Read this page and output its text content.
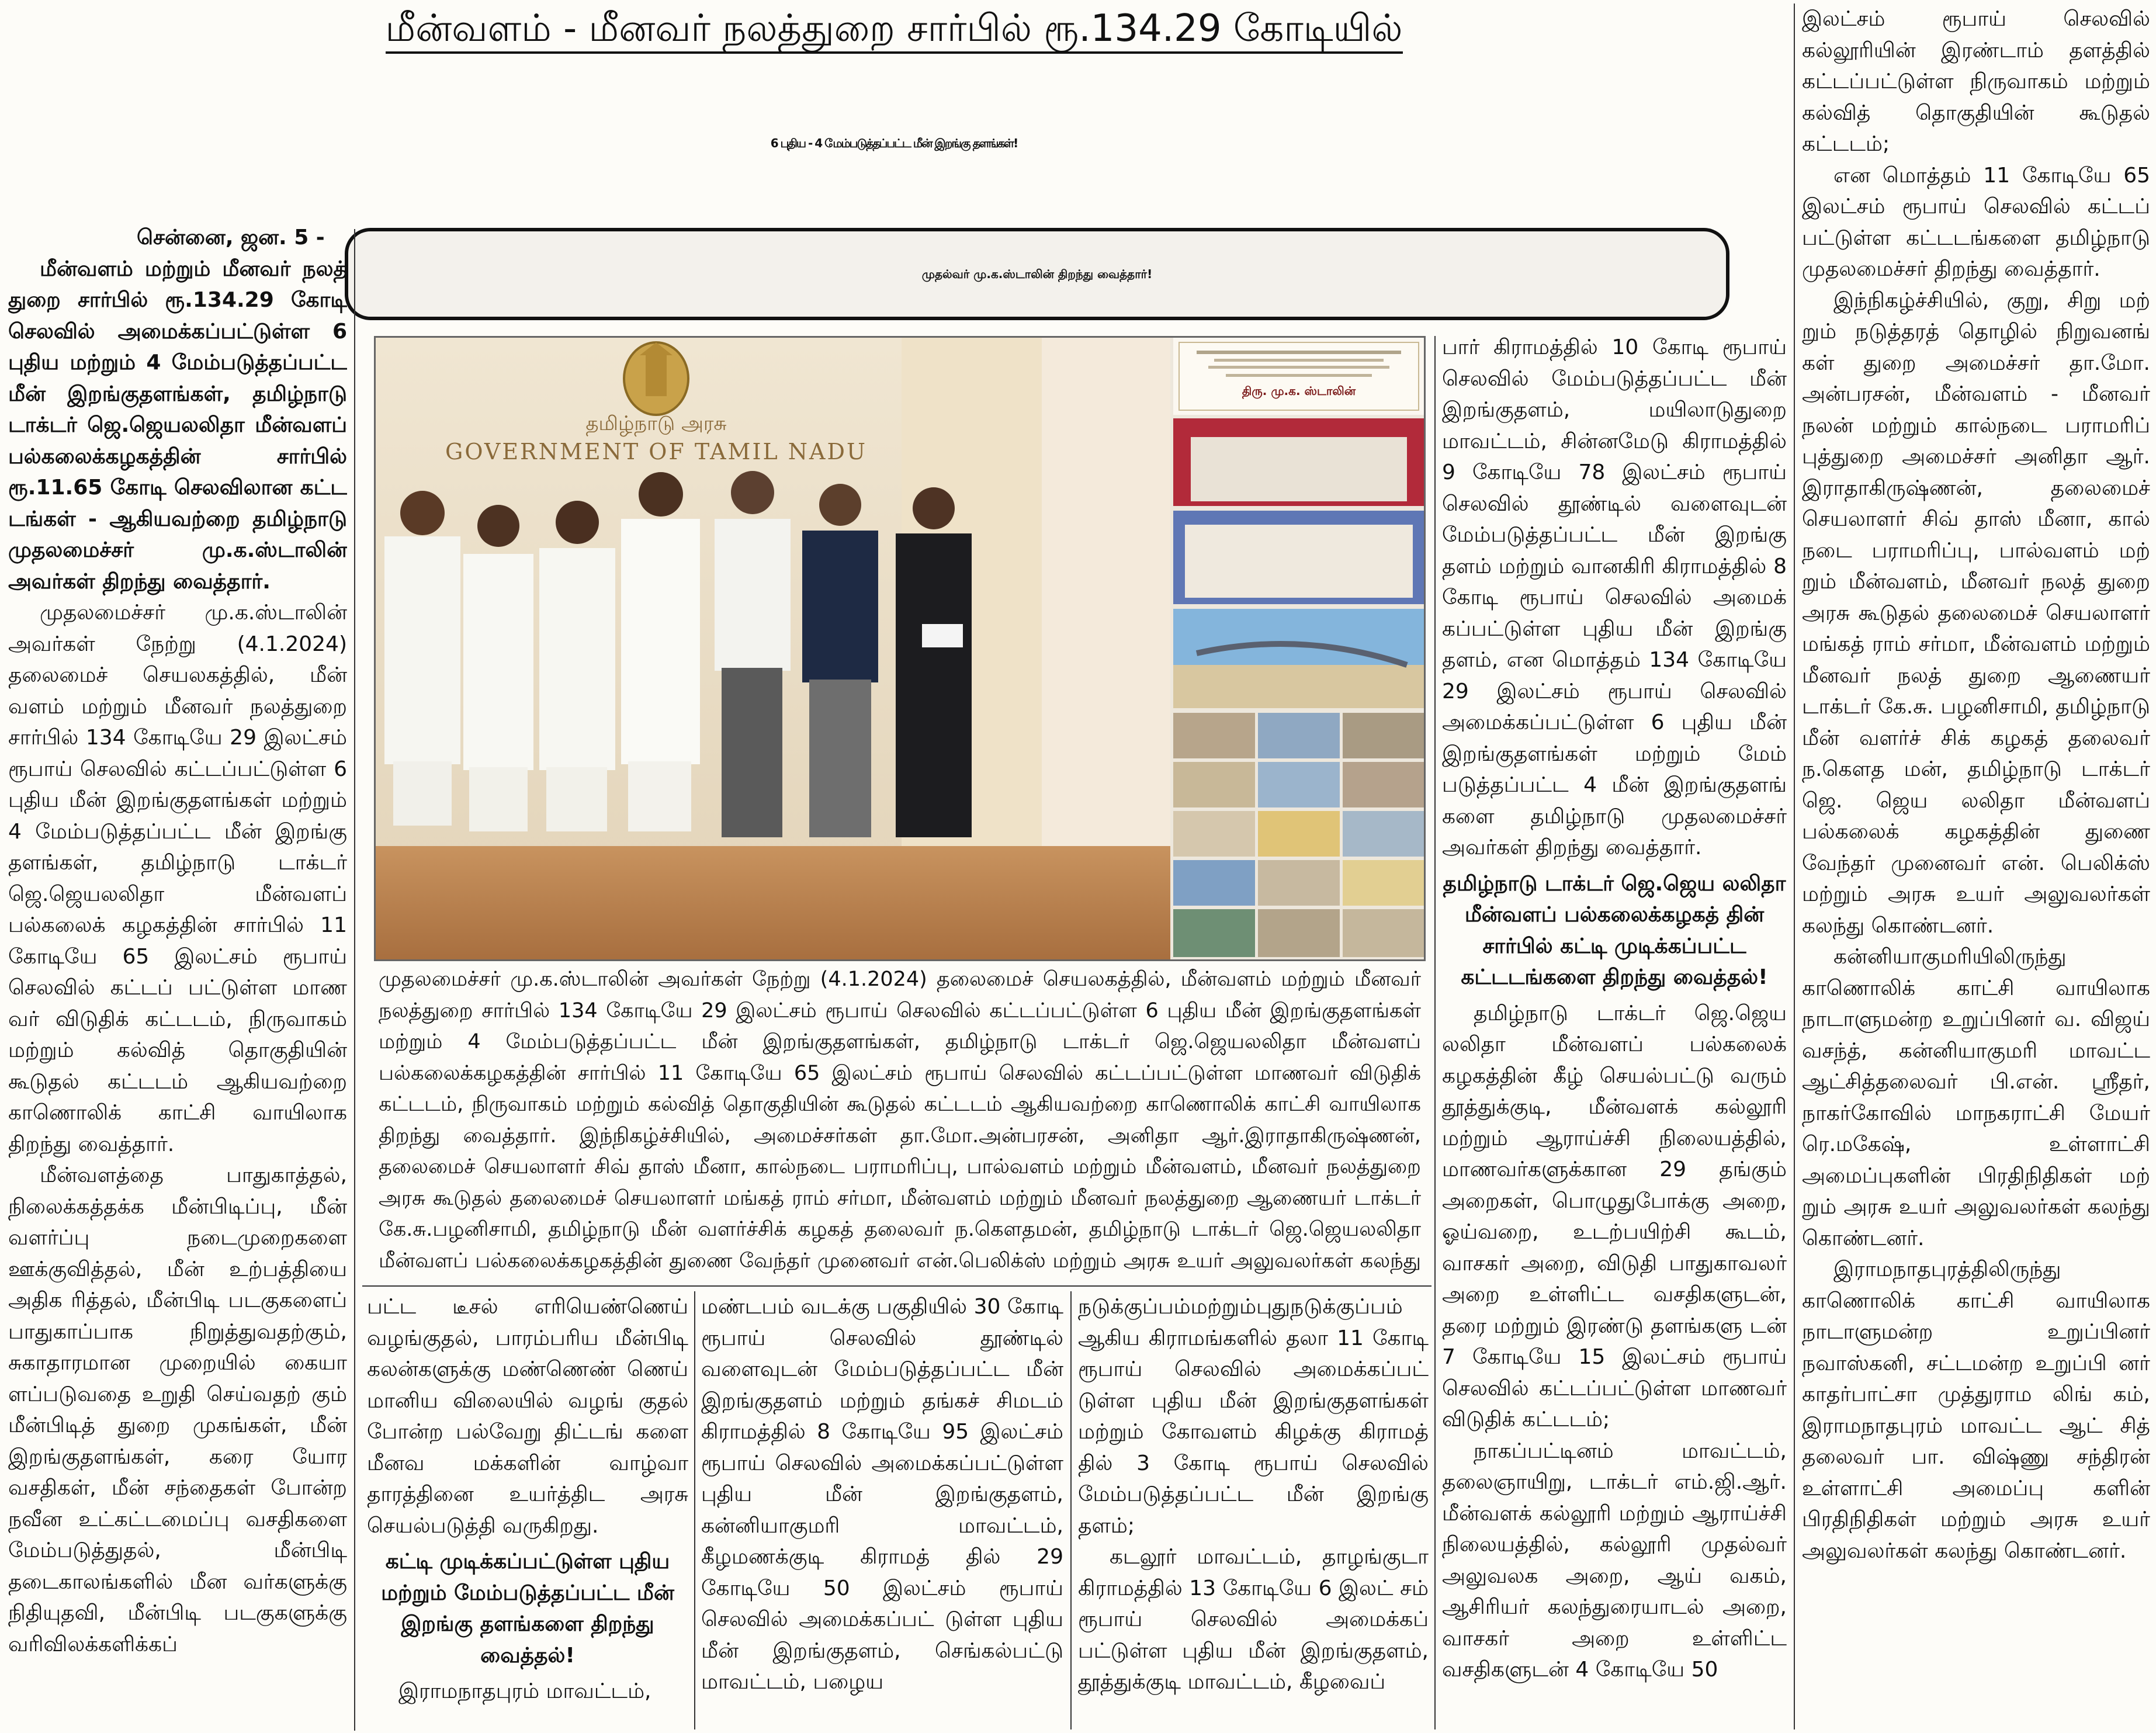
மீன்வளம் - மீனவர் நலத்துறை சார்பில் ரூ.134.29 கோடியில்
6 புதிய - 4 மேம்படுத்தப்பட்ட மீன் இறங்கு தளங்கள்!
முதல்வர் மு.க.ஸ்டாலின் திறந்து வைத்தார்!

சென்னை, ஜன. 5 -

மீன்வளம் மற்றும் மீனவர் நலத் துறை சார்பில் ரூ.134.29 கோடி செலவில் அமைக்கப்பட்டுள்ள 6 புதிய மற்றும் 4 மேம்படுத்தப்பட்ட மீன் இறங்குதளங்கள், தமிழ்நாடு டாக்டர் ஜெ.ஜெயலலிதா மீன்வளப் பல்கலைக்கழகத்தின் சார்பில் ரூ.11.65 கோடி செலவிலான கட்ட டங்கள் - ஆகியவற்றை தமிழ்நாடு முதலமைச்சர் மு.க.ஸ்டாலின் அவர்கள் திறந்து வைத்தார்.

முதலமைச்சர் மு.க.ஸ்டாலின் அவர்கள் நேற்று (4.1.2024) தலைமைச் செயலகத்தில், மீன் வளம் மற்றும் மீனவர் நலத்துறை சார்பில் 134 கோடியே 29 இலட்சம் ரூபாய் செலவில் கட்டப்பட்டுள்ள 6 புதிய மீன் இறங்குதளங்கள் மற்றும் 4 மேம்படுத்தப்பட்ட மீன் இறங்கு தளங்கள், தமிழ்நாடு டாக்டர் ஜெ.ஜெயலலிதா மீன்வளப் பல்கலைக் கழகத்தின் சார்பில் 11 கோடியே 65 இலட்சம் ரூபாய் செலவில் கட்டப் பட்டுள்ள மாண வர் விடுதிக் கட்டடம், நிருவாகம் மற்றும் கல்வித் தொகுதியின் கூடுதல் கட்டடம் ஆகியவற்றை காணொலிக் காட்சி வாயிலாக திறந்து வைத்தார்.

மீன்வளத்தை பாதுகாத்தல், நிலைக்கத்தக்க மீன்பிடிப்பு, மீன் வளர்ப்பு நடைமுறைகளை ஊக்குவித்தல், மீன் உற்பத்தியை அதிக ரித்தல், மீன்பிடி படகுகளைப் பாதுகாப்பாக நிறுத்துவதற்கும், சுகாதாரமான முறையில் கையா ளப்படுவதை உறுதி செய்வதற் கும் மீன்பிடித் துறை முகங்கள், மீன் இறங்குதளங்கள், கரை யோர வசதிகள், மீன் சந்தைகள் போன்ற நவீன உட்கட்டமைப்பு வசதிகளை மேம்படுத்துதல், மீன்பிடி தடைகாலங்களில் மீன வர்களுக்கு நிதியுதவி, மீன்பிடி படகுகளுக்கு வரிவிலக்களிக்கப்

தமிழ்நாடு அரசு
GOVERNMENT OF TAMIL NADU
திரு. மு.க. ஸ்டாலின்
முதலமைச்சர் மு.க.ஸ்டாலின் அவர்கள் நேற்று (4.1.2024) தலைமைச் செயலகத்தில், மீன்வளம் மற்றும் மீனவர் நலத்துறை சார்பில் 134 கோடியே 29 இலட்சம் ரூபாய் செலவில் கட்டப்பட்டுள்ள 6 புதிய மீன் இறங்குதளங்கள் மற்றும் 4 மேம்படுத்தப்பட்ட மீன் இறங்குதளங்கள், தமிழ்நாடு டாக்டர் ஜெ.ஜெயலலிதா மீன்வளப் பல்கலைக்கழகத்தின் சார்பில் 11 கோடியே 65 இலட்சம் ரூபாய் செலவில் கட்டப்பட்டுள்ள மாணவர் விடுதிக் கட்டடம், நிருவாகம் மற்றும் கல்வித் தொகுதியின் கூடுதல் கட்டடம் ஆகியவற்றை காணொலிக் காட்சி வாயிலாக திறந்து வைத்தார். இந்நிகழ்ச்சியில், அமைச்சர்கள் தா.மோ.அன்பரசன், அனிதா ஆர்.இராதாகிருஷ்ணன், தலைமைச் செயலாளர் சிவ் தாஸ் மீனா, கால்நடை பராமரிப்பு, பால்வளம் மற்றும் மீன்வளம், மீனவர் நலத்துறை அரசு கூடுதல் தலைமைச் செயலாளர் மங்கத் ராம் சர்மா, மீன்வளம் மற்றும் மீனவர் நலத்துறை ஆணையர் டாக்டர் கே.சு.பழனிசாமி, தமிழ்நாடு மீன் வளர்ச்சிக் கழகத் தலைவர் ந.கௌதமன், தமிழ்நாடு டாக்டர் ஜெ.ஜெயலலிதா மீன்வளப் பல்கலைக்கழகத்தின் துணை வேந்தர் முனைவர் என்.பெலிக்ஸ் மற்றும் அரசு உயர் அலுவலர்கள் கலந்து

பட்ட டீசல் எரியெண்ணெய் வழங்குதல், பாரம்பரிய மீன்பிடி கலன்களுக்கு மண்ணெண் ணெய் மானிய விலையில் வழங் குதல் போன்ற பல்வேறு திட்டங் களை மீனவ மக்களின் வாழ்வா தாரத்தினை உயர்த்திட அரசு செயல்படுத்தி வருகிறது.

கட்டி முடிக்கப்பட்டுள்ள புதிய மற்றும் மேம்படுத்தப்பட்ட மீன் இறங்கு தளங்களை திறந்து வைத்தல்!

இராமநாதபுரம் மாவட்டம்,

மண்டபம் வடக்கு பகுதியில் 30 கோடி ரூபாய் செலவில் தூண்டில் வளைவுடன் மேம்படுத்தப்பட்ட மீன் இறங்குதளம் மற்றும் தங்கச் சிமடம் கிராமத்தில் 8 கோடியே 95 இலட்சம் ரூபாய் செலவில் அமைக்கப்பட்டுள்ள புதிய மீன் இறங்குதளம், கன்னியாகுமரி மாவட்டம், கீழமணக்குடி கிராமத் தில் 29 கோடியே 50 இலட்சம் ரூபாய் செலவில் அமைக்கப்பட் டுள்ள புதிய மீன் இறங்குதளம், செங்கல்பட்டு மாவட்டம், பழைய

நடுக்குப்பம்மற்றும்புதுநடுக்குப்பம் ஆகிய கிராமங்களில் தலா 11 கோடி ரூபாய் செலவில் அமைக்கப்பட் டுள்ள புதிய மீன் இறங்குதளங்கள் மற்றும் கோவளம் கிழக்கு கிராமத் தில் 3 கோடி ரூபாய் செலவில் மேம்படுத்தப்பட்ட மீன் இறங்கு தளம்;

கடலூர் மாவட்டம், தாழங்குடா கிராமத்தில் 13 கோடியே 6 இலட் சம் ரூபாய் செலவில் அமைக்கப் பட்டுள்ள புதிய மீன் இறங்குதளம், தூத்துக்குடி மாவட்டம், கீழவைப்

பார் கிராமத்தில் 10 கோடி ரூபாய் செலவில் மேம்படுத்தப்பட்ட மீன் இறங்குதளம், மயிலாடுதுறை மாவட்டம், சின்னமேடு கிராமத்தில் 9 கோடியே 78 இலட்சம் ரூபாய் செலவில் தூண்டில் வளைவுடன் மேம்படுத்தப்பட்ட மீன் இறங்கு தளம் மற்றும் வானகிரி கிராமத்தில் 8 கோடி ரூபாய் செலவில் அமைக் கப்பட்டுள்ள புதிய மீன் இறங்கு தளம், என மொத்தம் 134 கோடியே 29 இலட்சம் ரூபாய் செலவில் அமைக்கப்பட்டுள்ள 6 புதிய மீன் இறங்குதளங்கள் மற்றும் மேம் படுத்தப்பட்ட 4 மீன் இறங்குதளங் களை தமிழ்நாடு முதலமைச்சர் அவர்கள் திறந்து வைத்தார்.

தமிழ்நாடு டாக்டர் ஜெ.ஜெய லலிதா மீன்வளப் பல்கலைக்கழகத் தின் சார்பில் கட்டி முடிக்கப்பட்ட கட்டடங்களை திறந்து வைத்தல்!

தமிழ்நாடு டாக்டர் ஜெ.ஜெய லலிதா மீன்வளப் பல்கலைக் கழகத்தின் கீழ் செயல்பட்டு வரும் தூத்துக்குடி, மீன்வளக் கல்லூரி மற்றும் ஆராய்ச்சி நிலையத்தில், மாணவர்களுக்கான 29 தங்கும் அறைகள், பொழுதுபோக்கு அறை, ஓய்வறை, உடற்பயிற்சி கூடம், வாசகர் அறை, விடுதி பாதுகாவலர் அறை உள்ளிட்ட வசதிகளுடன், தரை மற்றும் இரண்டு தளங்களு டன் 7 கோடியே 15 இலட்சம் ரூபாய் செலவில் கட்டப்பட்டுள்ள மாணவர் விடுதிக் கட்டடம்;

நாகப்பட்டினம் மாவட்டம், தலைஞாயிறு, டாக்டர் எம்.ஜி.ஆர். மீன்வளக் கல்லூரி மற்றும் ஆராய்ச்சி நிலையத்தில், கல்லூரி முதல்வர் அலுவலக அறை, ஆய் வகம், ஆசிரியர் கலந்துரையாடல் அறை, வாசகர் அறை உள்ளிட்ட வசதிகளுடன் 4 கோடியே 50

இலட்சம் ரூபாய் செலவில் கல்லூரியின் இரண்டாம் தளத்தில் கட்டப்பட்டுள்ள நிருவாகம் மற்றும் கல்வித் தொகுதியின் கூடுதல் கட்டடம்;

என மொத்தம் 11 கோடியே 65 இலட்சம் ரூபாய் செலவில் கட்டப் பட்டுள்ள கட்டடங்களை தமிழ்நாடு முதலமைச்சர் திறந்து வைத்தார்.

இந்நிகழ்ச்சியில், குறு, சிறு மற் றும் நடுத்தரத் தொழில் நிறுவனங் கள் துறை அமைச்சர் தா.மோ. அன்பரசன், மீன்வளம் - மீனவர் நலன் மற்றும் கால்நடை பராமரிப் புத்துறை அமைச்சர் அனிதா ஆர். இராதாகிருஷ்ணன், தலைமைச் செயலாளர் சிவ் தாஸ் மீனா, கால் நடை பராமரிப்பு, பால்வளம் மற் றும் மீன்வளம், மீனவர் நலத் துறை அரசு கூடுதல் தலைமைச் செயலாளர் மங்கத் ராம் சர்மா, மீன்வளம் மற்றும் மீனவர் நலத் துறை ஆணையர் டாக்டர் கே.சு. பழனிசாமி, தமிழ்நாடு மீன் வளர்ச் சிக் கழகத் தலைவர் ந.கௌத மன், தமிழ்நாடு டாக்டர் ஜெ. ஜெய லலிதா மீன்வளப் பல்கலைக் கழகத்தின் துணை வேந்தர் முனைவர் என். பெலிக்ஸ் மற்றும் அரசு உயர் அலுவலர்கள் கலந்து கொண்டனர்.

கன்னியாகுமரியிலிருந்து காணொலிக் காட்சி வாயிலாக நாடாளுமன்ற உறுப்பினர் வ. விஜய் வசந்த், கன்னியாகுமரி மாவட்ட ஆட்சித்தலைவர் பி.என். ஸ்ரீதர், நாகர்கோவில் மாநகராட்சி மேயர் ரெ.மகேஷ், உள்ளாட்சி அமைப்புகளின் பிரதிநிதிகள் மற் றும் அரசு உயர் அலுவலர்கள் கலந்து கொண்டனர்.

இராமநாதபுரத்திலிருந்து காணொலிக் காட்சி வாயிலாக நாடாளுமன்ற உறுப்பினர் நவாஸ்கனி, சட்டமன்ற உறுப்பி னர் காதர்பாட்சா முத்துராம லிங் கம், இராமநாதபுரம் மாவட்ட ஆட் சித் தலைவர் பா. விஷ்ணு சந்திரன் உள்ளாட்சி அமைப்பு களின் பிரதிநிதிகள் மற்றும் அரசு உயர் அலுவலர்கள் கலந்து கொண்டனர்.
